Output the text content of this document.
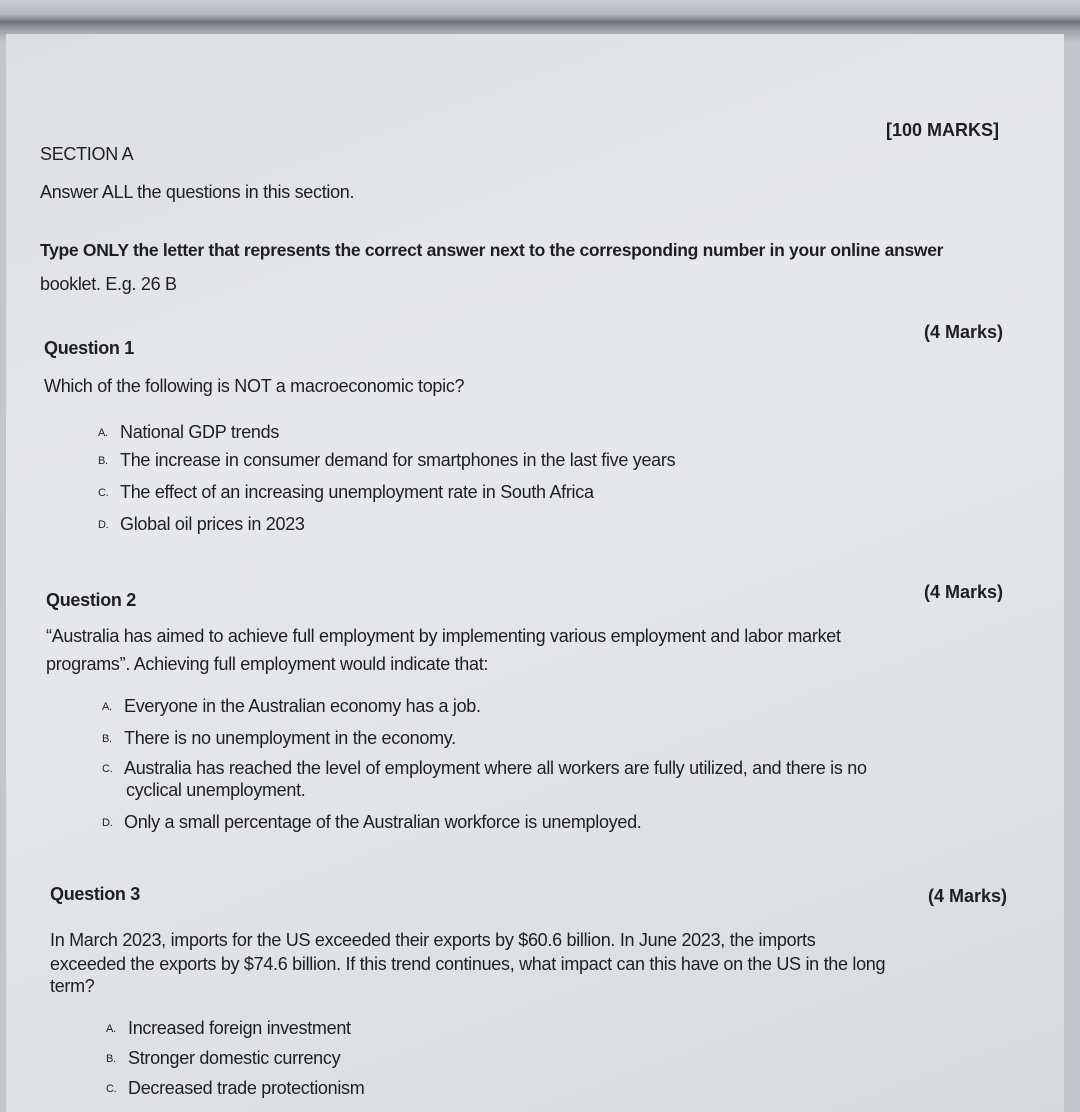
[100 MARKS]
SECTION A
Answer ALL the questions in this section.
Type ONLY the letter that represents the correct answer next to the corresponding number in your online answer
booklet. E.g. 26 B
Question 1
(4 Marks)
Which of the following is NOT a macroeconomic topic?
A. National GDP trends
B. The increase in consumer demand for smartphones in the last five years
C. The effect of an increasing unemployment rate in South Africa
D. Global oil prices in 2023
Question 2	(4 Marks)
“Australia has aimed to achieve full employment by implementing various employment and labor market
programs”. Achieving full employment would indicate that:
A. Everyone in the Australian economy has a job.
B. There is no unemployment in the economy.
C. Australia has reached the level of employment where all workers are fully utilized, and there is no
cyclical unemployment.
D. Only a small percentage of the Australian workforce is unemployed.
Question 3	(4 Marks)
In March 2023, imports for the US exceeded their exports by $60.6 billion. In June 2023, the imports
exceeded the exports by $74.6 billion. If this trend continues, what impact can this have on the US in the long
term?
A. Increased foreign investment
B. Stronger domestic currency
C. Decreased trade protectionism
